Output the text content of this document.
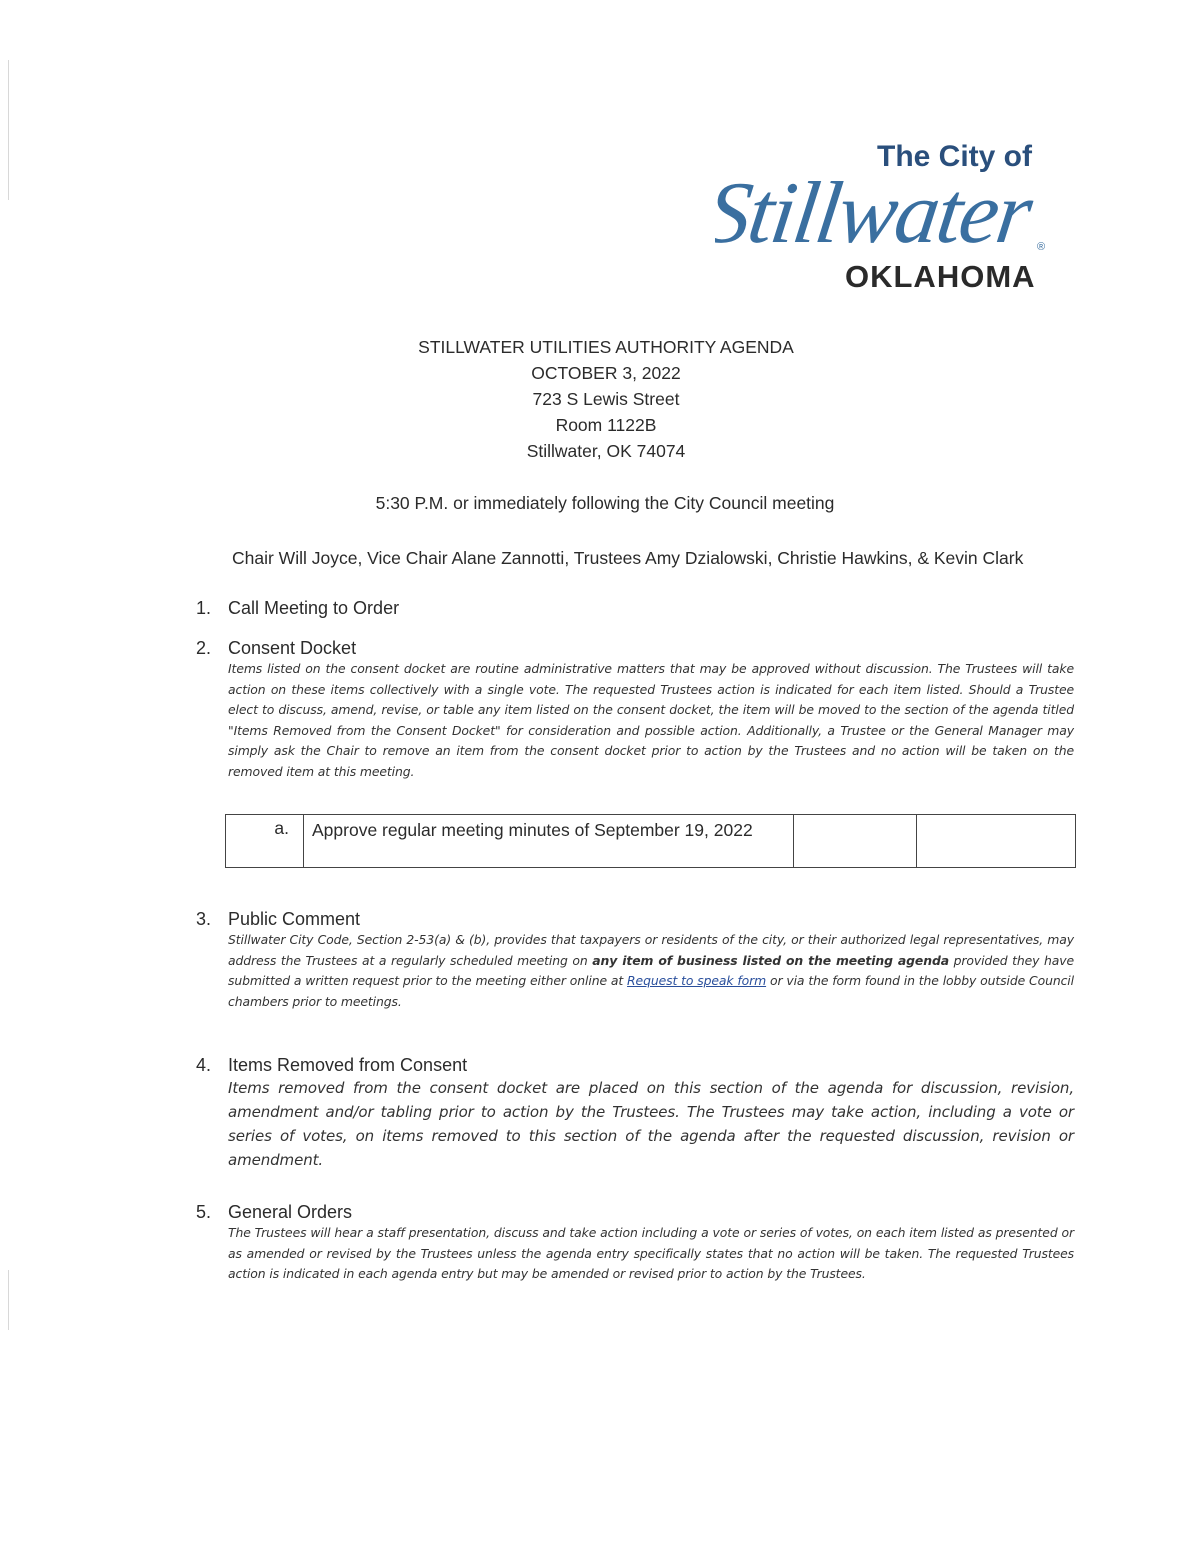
The City of
Stillwater ®
OKLAHOMA
STILLWATER UTILITIES AUTHORITY AGENDA
OCTOBER 3, 2022
723 S Lewis Street
Room 1122B
Stillwater, OK 74074
5:30 P.M. or immediately following the City Council meeting
Chair Will Joyce, Vice Chair Alane Zannotti, Trustees Amy Dzialowski, Christie Hawkins, & Kevin Clark
1. Call Meeting to Order
2. Consent Docket
Items listed on the consent docket are routine administrative matters that may be approved without discussion. The Trustees will take action on these items collectively with a single vote. The requested Trustees action is indicated for each item listed. Should a Trustee elect to discuss, amend, revise, or table any item listed on the consent docket, the item will be moved to the section of the agenda titled "Items Removed from the Consent Docket" for consideration and possible action. Additionally, a Trustee or the General Manager may simply ask the Chair to remove an item from the consent docket prior to action by the Trustees and no action will be taken on the removed item at this meeting.
a.	Approve regular meeting minutes of September 19, 2022		
3. Public Comment
Stillwater City Code, Section 2-53(a) & (b), provides that taxpayers or residents of the city, or their authorized legal representatives, may address the Trustees at a regularly scheduled meeting on any item of business listed on the meeting agenda provided they have submitted a written request prior to the meeting either online at Request to speak form or via the form found in the lobby outside Council chambers prior to meetings.
4. Items Removed from Consent
Items removed from the consent docket are placed on this section of the agenda for discussion, revision, amendment and/or tabling prior to action by the Trustees. The Trustees may take action, including a vote or series of votes, on items removed to this section of the agenda after the requested discussion, revision or amendment.
5. General Orders
The Trustees will hear a staff presentation, discuss and take action including a vote or series of votes, on each item listed as presented or as amended or revised by the Trustees unless the agenda entry specifically states that no action will be taken. The requested Trustees action is indicated in each agenda entry but may be amended or revised prior to action by the Trustees.
